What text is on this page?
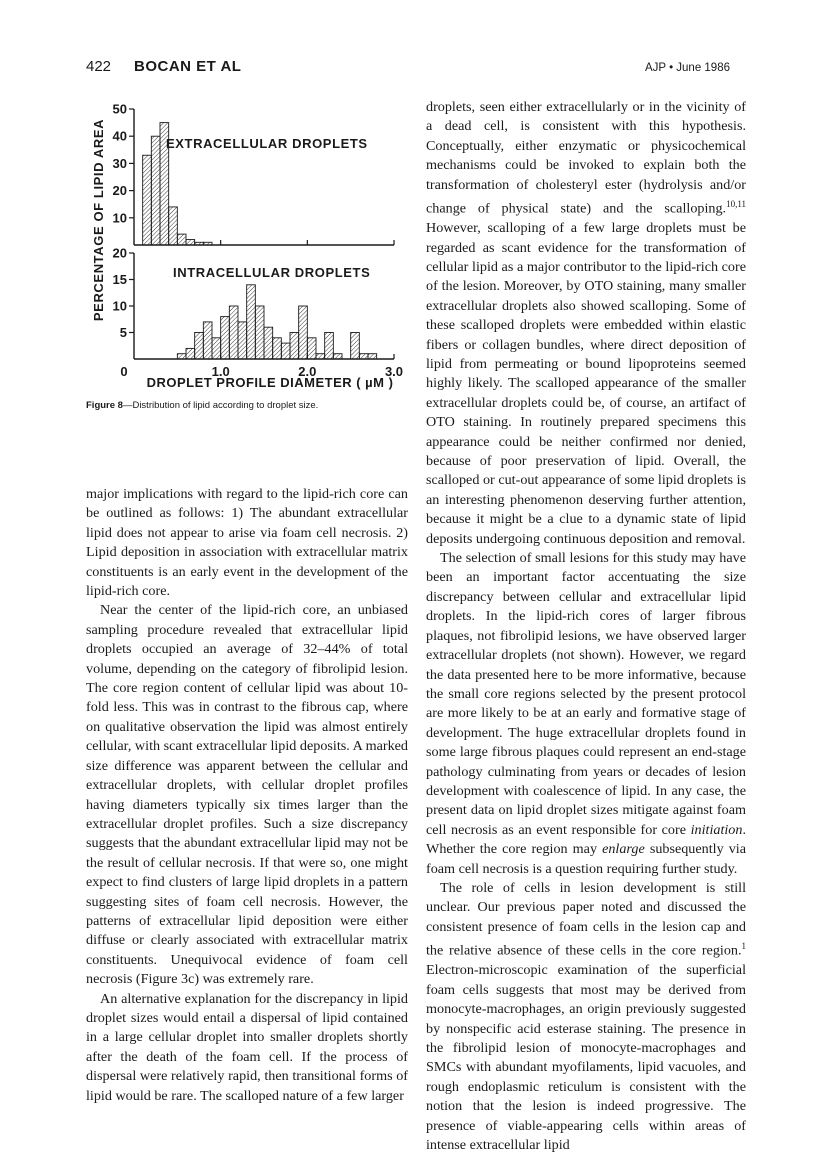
422 BOCAN ET AL	AJP • June 1986
PERCENTAGE OF LIPID AREA 10
20
30
40
50
EXTRACELLULAR DROPLETS
5
10
15
20
INTRACELLULAR DROPLETS
0	1.0	2.0	3.0
DROPLET PROFILE DIAMETER ( µM )
Figure 8—Distribution of lipid according to droplet size.

major implications with regard to the lipid-rich core can be outlined as follows: 1) The abundant extracellular lipid does not appear to arise via foam cell necrosis. 2) Lipid deposition in association with extracellular matrix constituents is an early event in the development of the lipid-rich core.

Near the center of the lipid-rich core, an unbiased sampling procedure revealed that extracellular lipid droplets occupied an average of 32–44% of total volume, depending on the category of fibrolipid lesion. The core region content of cellular lipid was about 10-fold less. This was in contrast to the fibrous cap, where on qualitative observation the lipid was almost entirely cellular, with scant extracellular lipid deposits. A marked size difference was apparent between the cellular and extracellular droplets, with cellular droplet profiles having diameters typically six times larger than the extracellular droplet profiles. Such a size discrepancy suggests that the abundant extracellular lipid may not be the result of cellular necrosis. If that were so, one might expect to find clusters of large lipid droplets in a pattern suggesting sites of foam cell necrosis. However, the patterns of extracellular lipid deposition were either diffuse or clearly associated with extracellular matrix constituents. Unequivocal evidence of foam cell necrosis (Figure 3c) was extremely rare.

An alternative explanation for the discrepancy in lipid droplet sizes would entail a dispersal of lipid contained in a large cellular droplet into smaller droplets shortly after the death of the foam cell. If the process of dispersal were relatively rapid, then transitional forms of lipid would be rare. The scalloped nature of a few larger

droplets, seen either extracellularly or in the vicinity of a dead cell, is consistent with this hypothesis. Conceptually, either enzymatic or physicochemical mechanisms could be invoked to explain both the transformation of cholesteryl ester (hydrolysis and/or change of physical state) and the scalloping.$^{10,11}$ However, scalloping of a few large droplets must be regarded as scant evidence for the transformation of cellular lipid as a major contributor to the lipid-rich core of the lesion. Moreover, by OTO staining, many smaller extracellular droplets also showed scalloping. Some of these scalloped droplets were embedded within elastic fibers or collagen bundles, where direct deposition of lipid from permeating or bound lipoproteins seemed highly likely. The scalloped appearance of the smaller extracellular droplets could be, of course, an artifact of OTO staining. In routinely prepared specimens this appearance could be neither confirmed nor denied, because of poor preservation of lipid. Overall, the scalloped or cut-out appearance of some lipid droplets is an interesting phenomenon deserving further attention, because it might be a clue to a dynamic state of lipid deposits undergoing continuous deposition and removal.

The selection of small lesions for this study may have been an important factor accentuating the size discrepancy between cellular and extracellular lipid droplets. In the lipid-rich cores of larger fibrous plaques, not fibrolipid lesions, we have observed larger extracellular droplets (not shown). However, we regard the data presented here to be more informative, because the small core regions selected by the present protocol are more likely to be at an early and formative stage of development. The huge extracellular droplets found in some large fibrous plaques could represent an end-stage pathology culminating from years or decades of lesion development with coalescence of lipid. In any case, the present data on lipid droplet sizes mitigate against foam cell necrosis as an event responsible for core initiation. Whether the core region may enlarge subsequently via foam cell necrosis is a question requiring further study.

The role of cells in lesion development is still unclear. Our previous paper noted and discussed the consistent presence of foam cells in the lesion cap and the relative absence of these cells in the core region.$^1$ Electron-microscopic examination of the superficial foam cells suggests that most may be derived from monocyte-macrophages, an origin previously suggested by nonspecific acid esterase staining. The presence in the fibrolipid lesion of monocyte-macrophages and SMCs with abundant myofilaments, lipid vacuoles, and rough endoplasmic reticulum is consistent with the notion that the lesion is indeed progressive. The presence of viable-appearing cells within areas of intense extracellular lipid
